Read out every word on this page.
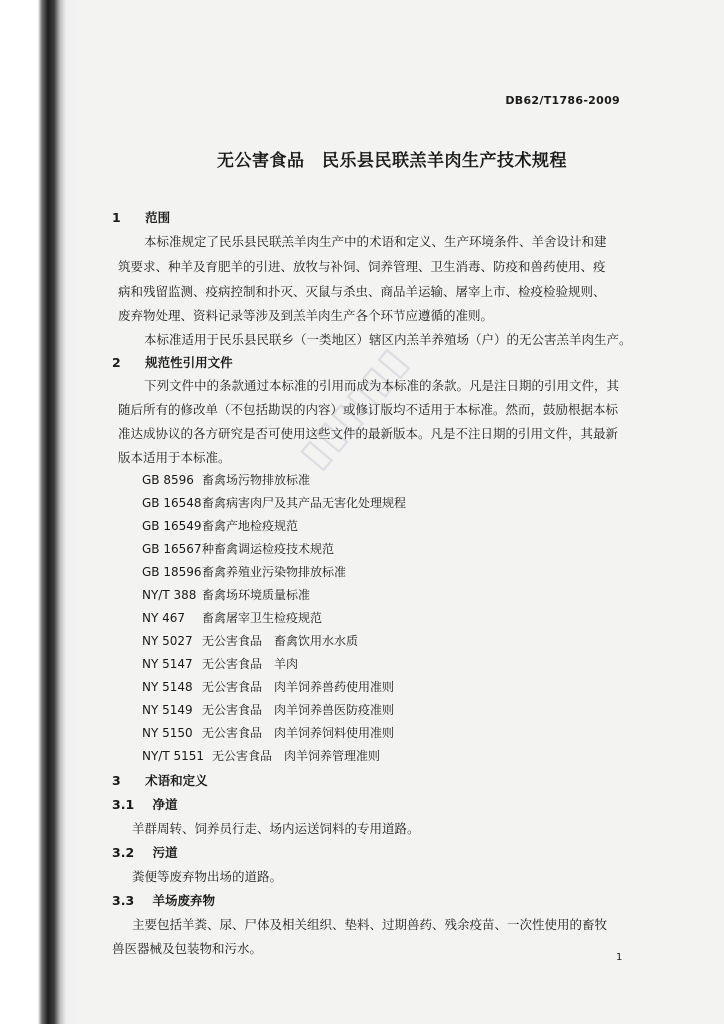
▯▯▯▯▯▯
DB62/T1786-2009
无公害食品　民乐县民联羔羊肉生产技术规程
1 范围
本标准规定了民乐县民联羔羊肉生产中的术语和定义、生产环境条件、羊舍设计和建
筑要求、种羊及育肥羊的引进、放牧与补饲、饲养管理、卫生消毒、防疫和兽药使用、疫
病和残留监测、疫病控制和扑灭、灭鼠与杀虫、商品羊运输、屠宰上市、检疫检验规则、
废弃物处理、资料记录等涉及到羔羊肉生产各个环节应遵循的准则。
本标准适用于民乐县民联乡（一类地区）辖区内羔羊养殖场（户）的无公害羔羊肉生产。
2 规范性引用文件
下列文件中的条款通过本标准的引用而成为本标准的条款。凡是注日期的引用文件，其
随后所有的修改单（不包括勘误的内容）或修订版均不适用于本标准。然而，鼓励根据本标
准达成协议的各方研究是否可使用这些文件的最新版本。凡是不注日期的引用文件，其最新
版本适用于本标准。
GB 8596 畜禽场污物排放标准
GB 16548畜禽病害肉尸及其产品无害化处理规程
GB 16549畜禽产地检疫规范
GB 16567种畜禽调运检疫技术规范
GB 18596畜禽养殖业污染物排放标准
NY/T 388 畜禽场环境质量标准
NY 467 畜禽屠宰卫生检疫规范
NY 5027 无公害食品　畜禽饮用水水质
NY 5147 无公害食品　羊肉
NY 5148 无公害食品　肉羊饲养兽药使用准则
NY 5149 无公害食品　肉羊饲养兽医防疫准则
NY 5150 无公害食品　肉羊饲养饲料使用准则
NY/T 5151 无公害食品　肉羊饲养管理准则
3 术语和定义
3.1 净道
羊群周转、饲养员行走、场内运送饲料的专用道路。
3.2 污道
粪便等废弃物出场的道路。
3.3 羊场废弃物
主要包括羊粪、尿、尸体及相关组织、垫料、过期兽药、残余疫苗、一次性使用的畜牧
兽医器械及包装物和污水。
1
